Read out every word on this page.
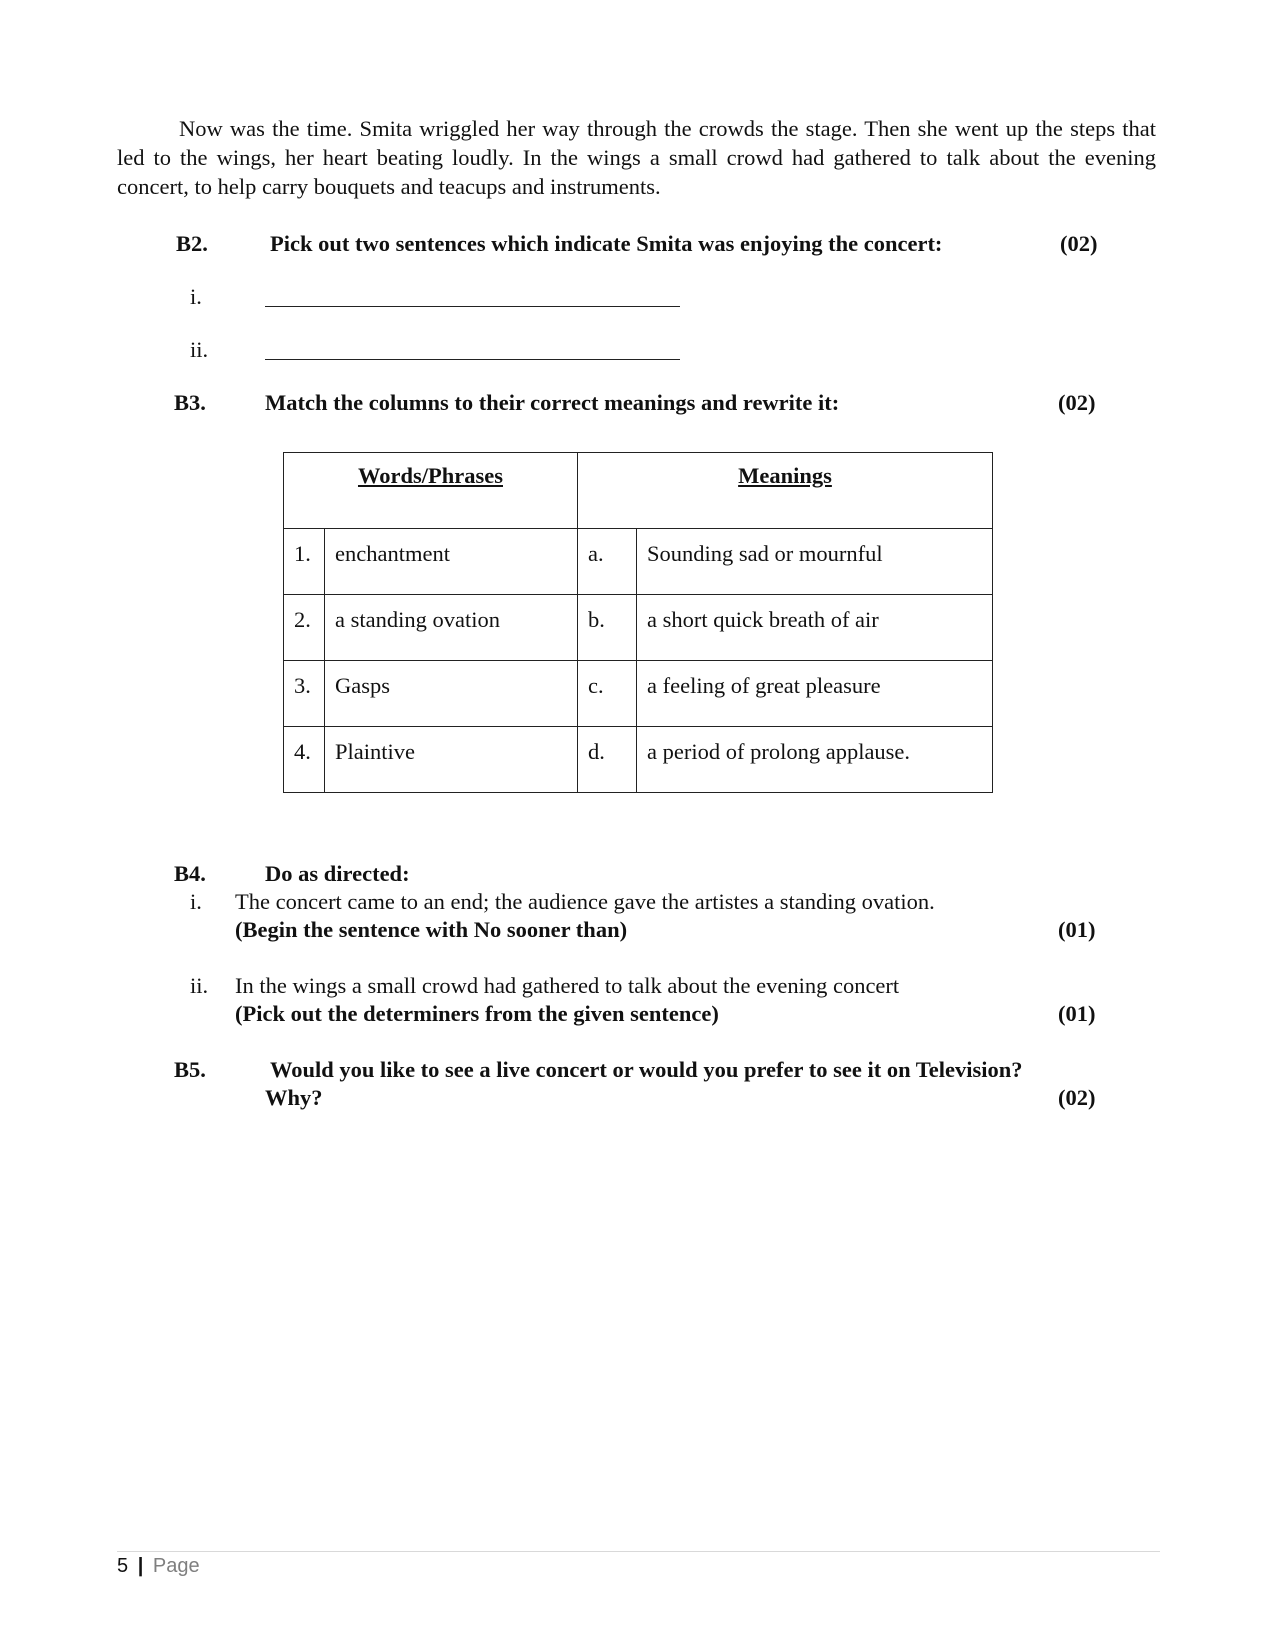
Now was the time. Smita wriggled her way through the crowds the stage. Then she went up the steps that led to the wings, her heart beating loudly. In the wings a small crowd had gathered to talk about the evening concert, to help carry bouquets and teacups and instruments.

B2.	Pick out two sentences which indicate Smita was enjoying the concert:	(02)
i.
ii.
B3.	Match the columns to their correct meanings and rewrite it:	(02)
Words/Phrases		Meanings	
1.	enchantment	a.	Sounding sad or mournful
2.	a standing ovation	b.	a short quick breath of air
3.	Gasps	c.	a feeling of great pleasure
4.	Plaintive	d.	a period of prolong applause.
B4.	Do as directed:
i. The concert came to an end; the audience gave the artistes a standing ovation.
(Begin the sentence with No sooner than)	(01)
ii. In the wings a small crowd had gathered to talk about the evening concert
(Pick out the determiners from the given sentence)	(01)
B5.	Would you like to see a live concert or would you prefer to see it on Television?
Why?	(02)
5 | Page
